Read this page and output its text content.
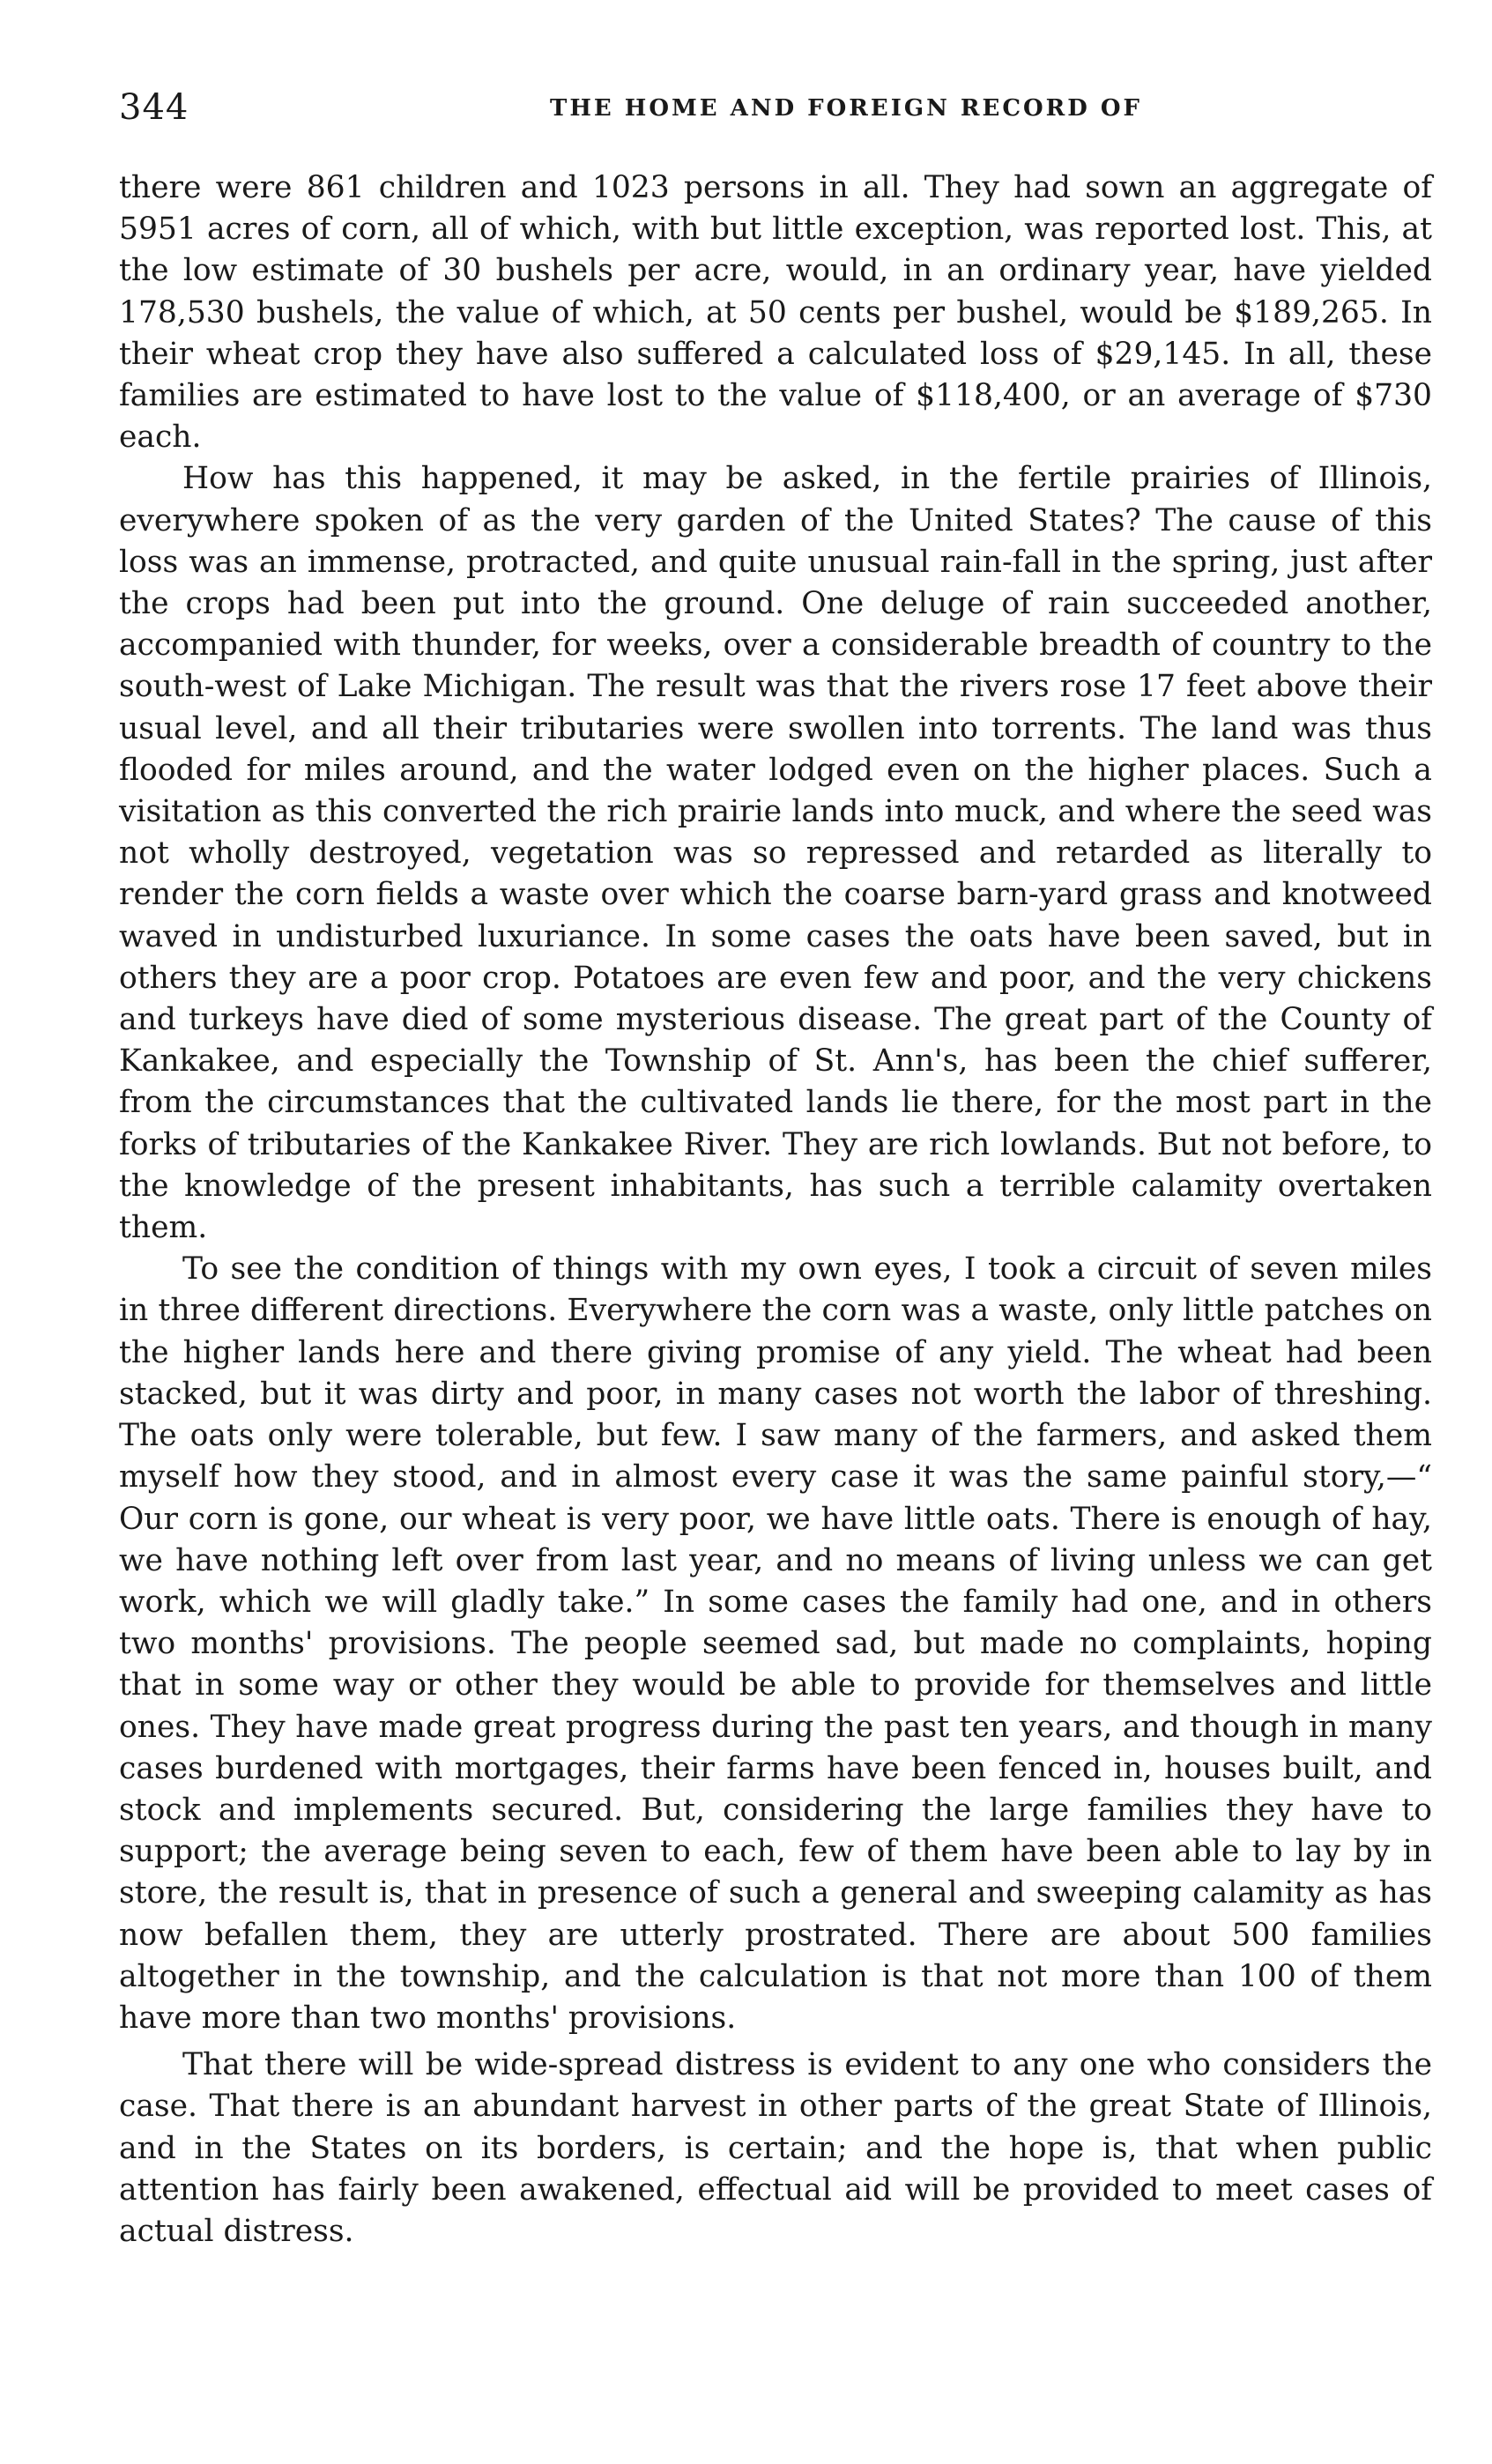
344	THE HOME AND FOREIGN RECORD OF

there were 861 children and 1023 persons in all. They had sown an aggregate of 5951 acres of corn, all of which, with but little exception, was reported lost. This, at the low estimate of 30 bushels per acre, would, in an ordinary year, have yielded 178,530 bushels, the value of which, at 50 cents per bushel, would be $189,265. In their wheat crop they have also suffered a calculated loss of $29,145. In all, these families are estimated to have lost to the value of $118,400, or an average of $730 each.

How has this happened, it may be asked, in the fertile prairies of Illinois, everywhere spoken of as the very garden of the United States? The cause of this loss was an immense, protracted, and quite unusual rain-fall in the spring, just after the crops had been put into the ground. One deluge of rain succeeded another, accompanied with thunder, for weeks, over a considerable breadth of country to the south-west of Lake Michigan. The result was that the rivers rose 17 feet above their usual level, and all their tributaries were swollen into torrents. The land was thus flooded for miles around, and the water lodged even on the higher places. Such a visitation as this converted the rich prairie lands into muck, and where the seed was not wholly destroyed, vegetation was so repressed and retarded as literally to render the corn fields a waste over which the coarse barn-yard grass and knotweed waved in undisturbed luxuriance. In some cases the oats have been saved, but in others they are a poor crop. Potatoes are even few and poor, and the very chickens and turkeys have died of some mysterious disease. The great part of the County of Kankakee, and especially the Township of St. Ann's, has been the chief sufferer, from the circumstances that the cultivated lands lie there, for the most part in the forks of tributaries of the Kankakee River. They are rich lowlands. But not before, to the knowledge of the present inhabitants, has such a terrible calamity overtaken them.

To see the condition of things with my own eyes, I took a circuit of seven miles in three different directions. Everywhere the corn was a waste, only little patches on the higher lands here and there giving promise of any yield. The wheat had been stacked, but it was dirty and poor, in many cases not worth the labor of threshing. The oats only were tolerable, but few. I saw many of the farmers, and asked them myself how they stood, and in almost every case it was the same painful story,—“ Our corn is gone, our wheat is very poor, we have little oats. There is enough of hay, we have nothing left over from last year, and no means of living unless we can get work, which we will gladly take.” In some cases the family had one, and in others two months' provisions. The people seemed sad, but made no complaints, hoping that in some way or other they would be able to provide for themselves and little ones. They have made great progress during the past ten years, and though in many cases burdened with mortgages, their farms have been fenced in, houses built, and stock and implements secured. But, considering the large families they have to support; the average being seven to each, few of them have been able to lay by in store, the result is, that in presence of such a general and sweeping calamity as has now befallen them, they are utterly prostrated. There are about 500 families altogether in the township, and the calculation is that not more than 100 of them have more than two months' provisions.

That there will be wide-spread distress is evident to any one who considers the case. That there is an abundant harvest in other parts of the great State of Illinois, and in the States on its borders, is certain; and the hope is, that when public attention has fairly been awakened, effectual aid will be provided to meet cases of actual distress.
